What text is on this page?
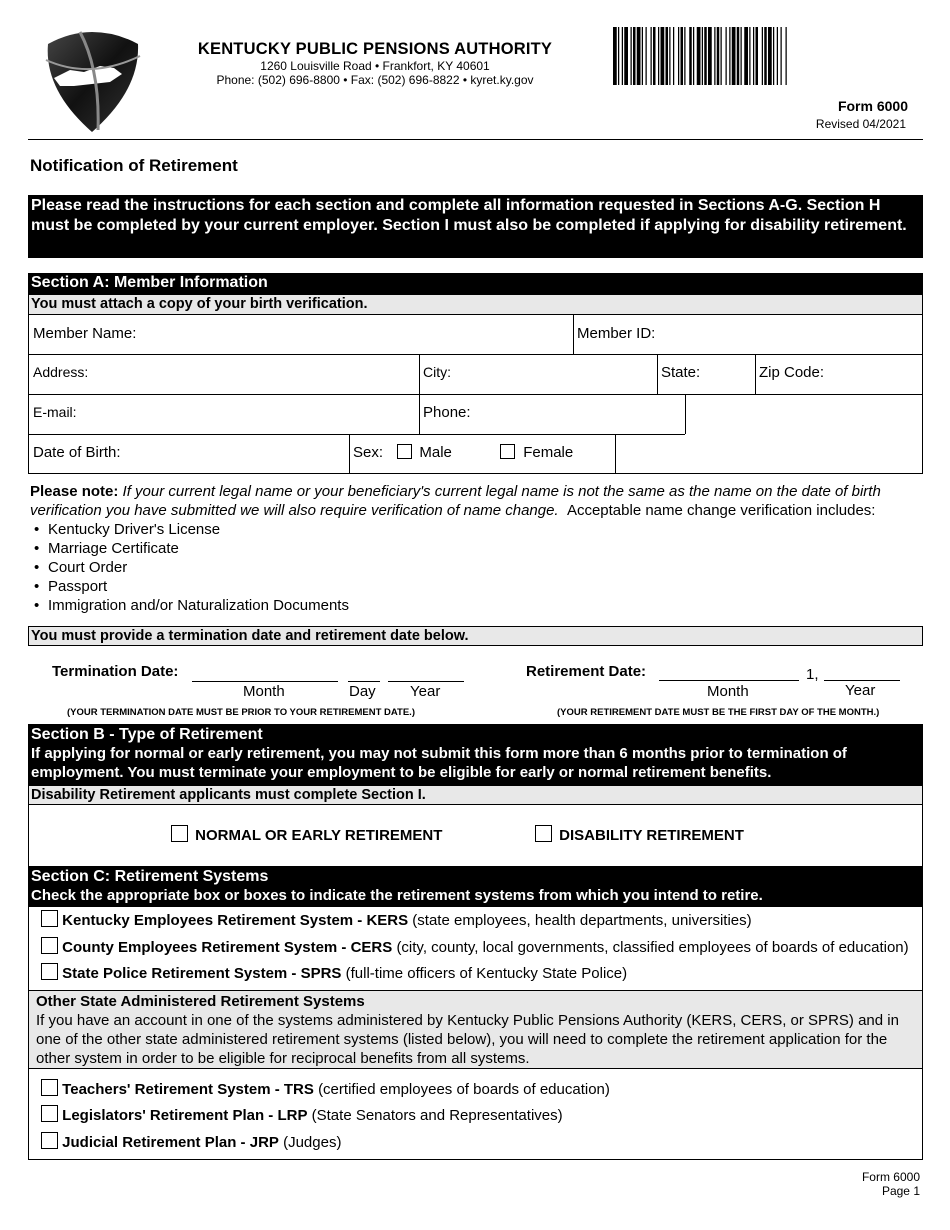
KENTUCKY PUBLIC PENSIONS AUTHORITY
1260 Louisville Road • Frankfort, KY 40601
Phone: (502) 696-8800 • Fax: (502) 696-8822 • kyret.ky.gov
Form 6000
Revised 04/2021
Notification of Retirement
Please read the instructions for each section and complete all information requested in Sections A-G. Section H must be completed by your current employer. Section I must also be completed if applying for disability retirement.
Section A: Member Information
You must attach a copy of your birth verification.
Member Name:	Member ID:
Address:	City:	State:	Zip Code:
E-mail:	Phone:
Date of Birth:	Sex: Male	Female
Please note: If your current legal name or your beneficiary's current legal name is not the same as the name on the date of birth verification you have submitted we will also require verification of name change. Acceptable name change verification includes:
• Kentucky Driver's License
• Marriage Certificate
• Court Order
• Passport
• Immigration and/or Naturalization Documents
You must provide a termination date and retirement date below.
Termination Date:
Month	Day Year
(YOUR TERMINATION DATE MUST BE PRIOR TO YOUR RETIREMENT DATE.)
Retirement Date:	1,
Month	Year
(YOUR RETIREMENT DATE MUST BE THE FIRST DAY OF THE MONTH.)
Section B - Type of Retirement
If applying for normal or early retirement, you may not submit this form more than 6 months prior to termination of employment. You must terminate your employment to be eligible for early or normal retirement benefits.
Disability Retirement applicants must complete Section I.
NORMAL OR EARLY RETIREMENT	DISABILITY RETIREMENT
Section C: Retirement Systems
Check the appropriate box or boxes to indicate the retirement systems from which you intend to retire.
Kentucky Employees Retirement System - KERS (state employees, health departments, universities)
County Employees Retirement System - CERS (city, county, local governments, classified employees of boards of education)
State Police Retirement System - SPRS (full-time officers of Kentucky State Police)
Other State Administered Retirement Systems
If you have an account in one of the systems administered by Kentucky Public Pensions Authority (KERS, CERS, or SPRS) and in one of the other state administered retirement systems (listed below), you will need to complete the retirement application for the other system in order to be eligible for reciprocal benefits from all systems.
Teachers' Retirement System - TRS (certified employees of boards of education)
Legislators' Retirement Plan - LRP (State Senators and Representatives)
Judicial Retirement Plan - JRP (Judges)
Form 6000
Page 1
